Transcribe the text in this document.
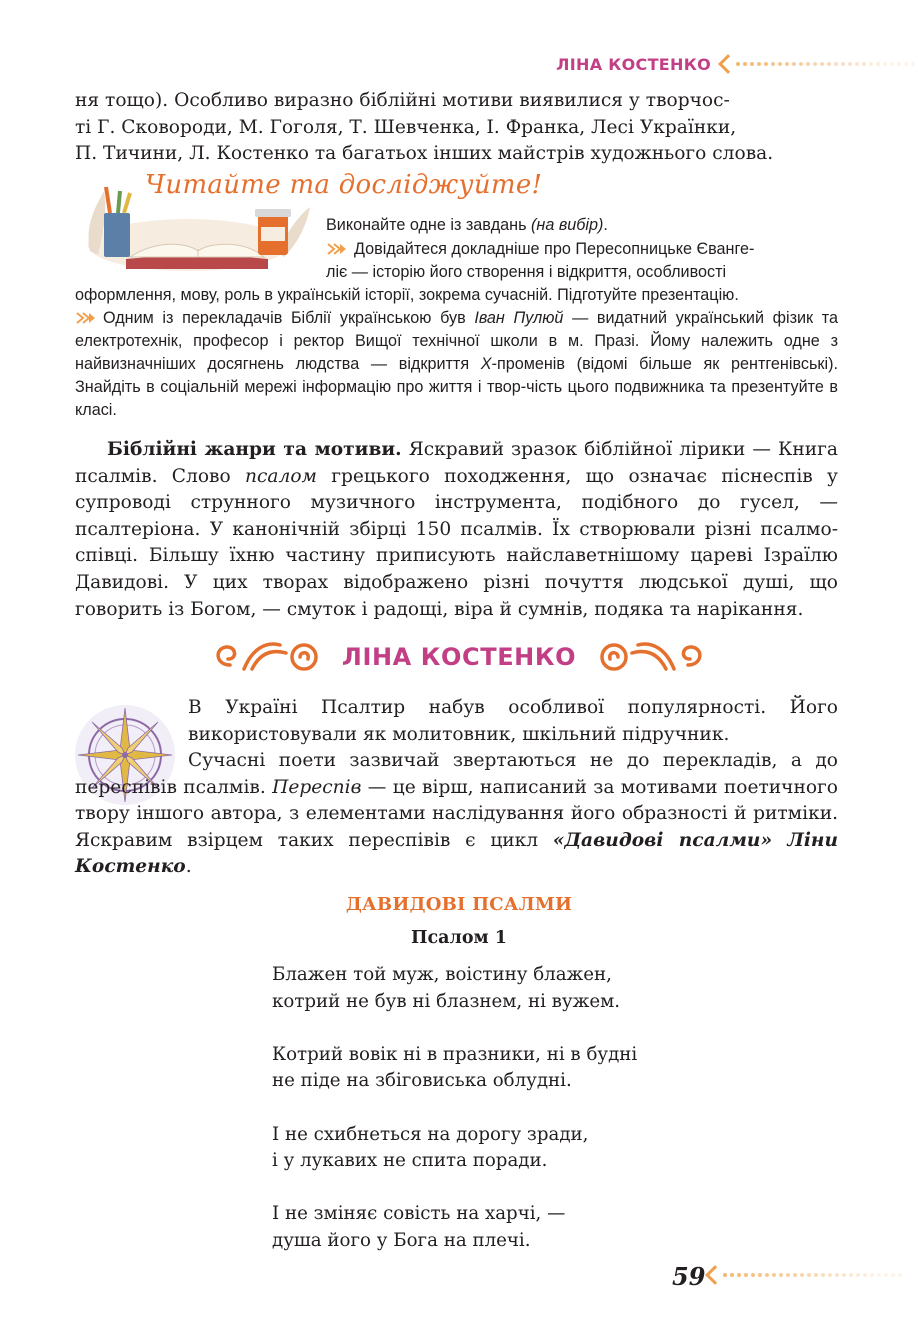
ЛІНА КОСТЕНКО
ня тощо). Особливо виразно біблійні мотиви виявилися у творчос-
ті Г. Сковороди, М. Гоголя, Т. Шевченка, І. Франка, Лесі Українки,
П. Тичини, Л. Костенко та багатьох інших майстрів художнього слова.
Читайте та досліджуйте!
Виконайте одне із завдань (на вибір).
Довідайтеся докладніше про Пересопницьке Єванге-
ліє — історію його створення і відкриття, особливості
оформлення, мову, роль в українській історії, зокрема сучасній. Підготуйте презентацію.
Одним із перекладачів Біблії українською був Іван Пулюй — видатний український фізик та електротехнік, професор і ректор Вищої технічної школи в м. Празі. Йому належить одне з найвизначніших досягнень людства — відкриття Х-променів (відомі більше як рентгенівські). Знайдіть в соціальній мережі інформацію про життя і твор-чість цього подвижника та презентуйте в класі.

Біблійні жанри та мотиви. Яскравий зразок біблійної лірики — Книга псалмів. Слово псалом грецького походження, що означає піснеспів у супроводі струнного музичного інструмента, подібного до гусел, — псалтеріона. У канонічній збірці 150 псалмів. Їх створювали різні псалмоспівці. Більшу їхню частину приписують найславетнішому цареві Ізраїлю Давидові. У цих творах відображено різні почуття людської душі, що говорить із Богом, — смуток і радощі, віра й сумнів, подяка та нарікання.

ЛІНА КОСТЕНКО
В Україні Псалтир набув особливої популярності. Його використовували як молитовник, шкільний підручник.

Сучасні поети зазвичай звертаються не до перекладів, а до переспівів псалмів. Переспів — це вірш, написаний за мотивами поетичного твору іншого автора, з елементами наслідування його образності й ритміки. Яскравим взірцем таких переспівів є цикл «Давидові псалми» Ліни Костенко.

ДАВИДОВІ ПСАЛМИ
Псалом 1
Блажен той муж, воістину блажен,
котрий не був ні блазнем, ні вужем.
Котрий вовік ні в празники, ні в будні
не піде на збіговиська облудні.
І не схибнеться на дорогу зради,
і у лукавих не спита поради.
І не зміняє совість на харчі, —
душа його у Бога на плечі.
59
